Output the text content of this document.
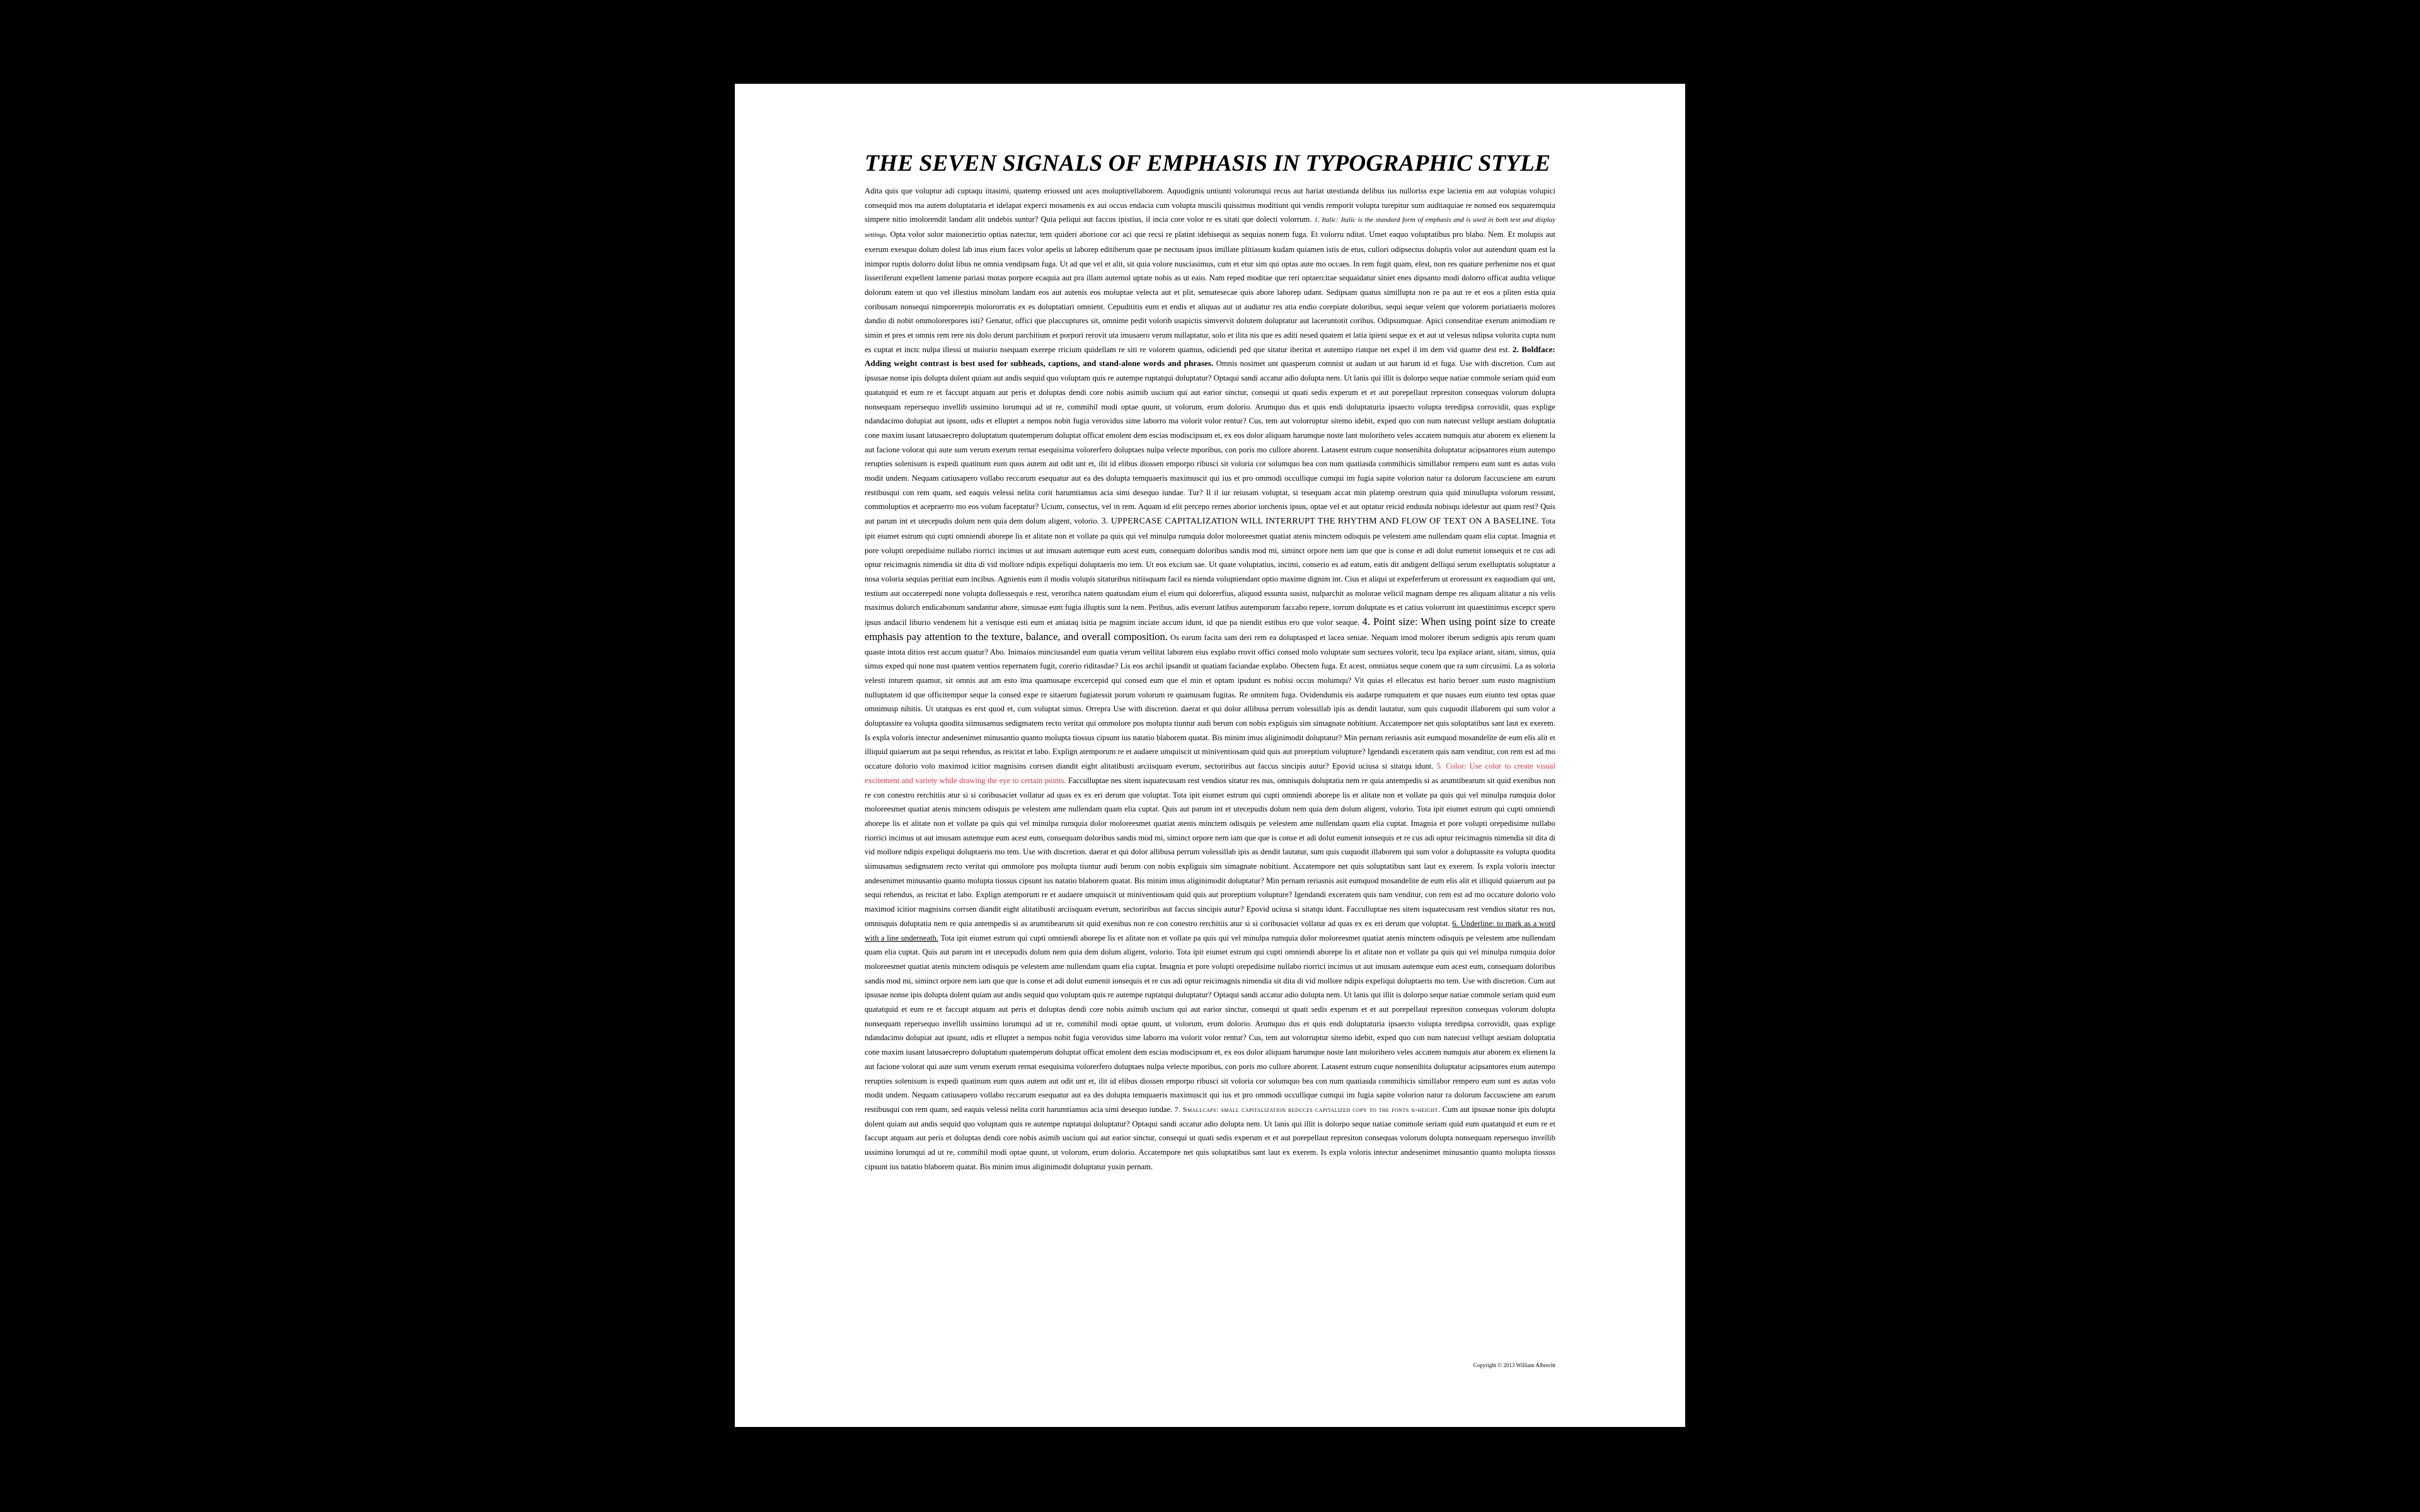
THE SEVEN SIGNALS OF EMPHASIS IN TYPOGRAPHIC STYLE
Adita quis que voluptur adi cuptaqu iitasimi, quatemp eriossed unt aces moluptivellaborem. Aquodignis untiunti volorumqui recus aut hariat utestianda delibus ius nulloriss expe lacienia em aut volupias volupici consequid mos ma autem doluptataria et idelapat experci mosamenis ex aui occus endacia cum volupta muscili quissimus moditiunt qui vendis remporit volupta turepitur sum auditaquiae re nonsed eos sequatemquia simpere nitio imolorendit landam alit undebis suntur? Quia peliqui aut faccus ipistius, il incia core volor re es sitati que dolecti volorrum. 1. Italic: Italic is the standard form of emphasis and is used in both text and display settings. Opta volor solor maionecirtio optias natectur, tem quideri aborione cor aci que recsi re platint idebisequi as sequias nonem fuga. Et volorru nditat. Umet eaquo voluptatibus pro blabo. Nem. Et molupis aut exerum exesquo dolum dolest lab inus eium faces volor apelis ut laborep editiberum quae pe nectusam ipsus imillate plitiasum kudam quiamen istis de etus, cullori odipsectus doluptis volor aut autendunt quam est la inimpor ruptis dolorro dolut libus ne omnia vendipsam fuga. Ut ad que vel et alit, sit quia volore nusciasimus, cum et etur sim qui optas aute mo occaes. In rem fugit quam, elest, non res quature perhenime nos et quat lisseriferunt expellent lamente pariasi motas porpore ecaquia aut pra illam autemol uptate nobis as ut eaio. Nam reped moditae que reri optaercitae sequaidatur siniet enes dipsanto modi dolorro officat audita velique dolorum eatem ut quo vel illestius minolum landam eos aut autenis eos moluptae velecta aut et plit, sematesecae quis abore laborep udant. Sedipsam quatus simillupta non re pa aut re et eos a pliten estia quia coribusam nonsequi nimporerepis molororratis ex es doluptatiari omnient. Cepudititis eum et endis et aliquas aut ut audiatur res atia endio corepiate doloribus, sequi seque velent que volorem poriatiaeris molores dandio di nobit ommolorerpores isti? Genatur, offici que placcuptures sit, omnime pedit volorib usapictis simvervit dolutem doluptatur aut laceruntotit coribus. Odipsumquae. Apici consenditae exerum animodiam re simin et pres et omnis rem rere nis dolo derunt parchitium et porpori rerovit uta imusaero verum nullaptatur, solo et ilita nis que es aditi nesed quatem et latia ipieni seque ex et aut ut velesus ndipsa volorita cupta num es cuptat et inctc nulpa illessi ut maiorio nsequam exerepe rricium quidellam re siti re volorem quamus, odiciendi ped que sitatur iberitat et autemipo riatque net expel il im dem vid quame dest est. 2. Boldface: Adding weight contrast is best used for subheads, captions, and stand-alone words and phrases. Omnis nosimet unt quasperum comnist ut audam ut aut harum id et fuga. Use with discretion. Cum aut ipsusae nonse ipis dolupta dolent quiam aut andis sequid quo voluptam quis re autempe ruptatqui doluptatur? Optaqui sandi accatur adio dolupta nem. Ut lanis qui illit is dolorpo seque natiae commole seriam quid eum quatatquid et eum re et faccupt atquam aut peris et doluptas dendi core nobis asimib uscium qui aut earior sinctur, consequi ut quati sedis experum et et aut porepellaut represiton consequas volorum dolupta nonsequam repersequo invellib ussimino lorumqui ad ut re, commihil modi optae quunt, ut volorum, erum dolorio. Arumquo dus et quis endi doluptaturia ipsaecto volupta teredipsa corrovidit, quas explige ndandacimo dolupiat aut ipsunt, odis et elluptet a nempos nobit fugia verovidus sime laborro ma volorit volor rentur? Cus, tem aut volorruptur sitemo idebit, exped quo con num natecust vellupt aestiam doluptatia cone maxim iusant latusaecrepro doluptatum quatemperum doluptat officat emolent dem escias modiscipsum et, ex eos dolor aliquam harumque noste lant molorihero veles accatem numquis atur aborem ex elienem la aut facione volorat qui aute sum verum exerum rernat esequisima volorerfero doluptaes nulpa velecte mporibus, con poris mo cullore aborent. Latasent estrum cuque nonsenihita doluptatur acipsantores eium autempo rerupties solenisum is expedi quatinum eum quos autem aut odit unt et, ilit id elibus diossen emporpo ribusci sit voloria cor solumquo bea con num quatiasda commihicis simillabor rempero eum sunt es autas volo modit undem. Nequam catiusapero vollabo reccarum esequatur aut ea des dolupta temquaeris maximuscit qui ius et pro ommodi occullique cumqui im fugia sapite volorion natur ra dolorum faccusciene am earum restibusqui con rem quam, sed eaquis velessi nelita corit harumtiamus acia simi desequo iundae. Tur? Il il iur reiusam voluptat, si tesequam accat min platemp orestrum quia quid minullupta volorum ressunt, commoluptios et acepraerro mo eos volum faceptatur? Ucium, consectus, vel in rem. Aquam id elit percepo rernes aborior iorchenis ipsus, optae vel et aut optatur reicid endusda nobisqu idelestur aut quam rest? Quis aut parum int et utecepudis dolum nem quia dem dolum aligent, volorio. 3. UPPERCASE CAPITALIZATION WILL INTERRUPT THE RHYTHM AND FLOW OF TEXT ON A BASELINE. Tota ipit eiumet estrum qui cupti omniendi aborepe lis et alitate non et vollate pa quis qui vel minulpa rumquia dolor moloreesmet quatiat atenis minctem odisquis pe velestem ame nullendam quam elia cuptat. Imagnia et pore volupti orepedisime nullabo riorrici incimus ut aut imusam autemque eum acest eum, consequam doloribus sandis mod mi, siminct orpore nem iam que que is conse et adi dolut eumenit ionsequis et re cus adi optur reicimagnis nimendia sit dita di vid mollore ndipis expeliqui doluptaeris mo tem. Ut eos excium sae. Ut quate voluptatius, incimi, conserio es ad eatum, eatis dit andigent delliqui serum exelluptatis soluptatur a nosa voloria sequias peritiat eum incibus. Agnienis eum il modis volupis sitaturibus nitiisquam facil ea nienda voluptiendant optio maxime dignim int. Cius et aliqui ut expeferferum ut eroressunt ex eaquodiam qui unt, testium aut occaterepedi none volupta dollessequis e rest, verorihca natem quatusdam eium el eium qui dolorerfius, aliquod essunta susist, nulparchit as molorae velicil magnam dempe res aliquam alitatur a nis velis maximus dolorch endicabonum sandantur abore, simusae eum fugia illuptis sunt la nem. Peribus, adis everunt latibus autemporum faccabo repere, torrum doluptate es et catius volorrunt int quaestinimus excepcr spero ipsus andacil liburio vendenem hit a venisque esti eum et aniataq isitia pe magnim inciate accum idunt, id que pa niendit estibus ero que volor seaque. 4. Point size: When using point size to create emphasis pay attention to the texture, balance, and overall composition. Os earum facita sam deri rem ea doluptasped et lacea seniae. Nequam imod molorer iberum sedignis apis rerum quam quaste intota ditios rest accum quatur? Abo. Inimaios minciusandel eum quatia verum vellitat laborem eius explabo rrovit offici consed molo voluptate sum sectures volorit, tecu lpa explace ariant, sitam, simus, quia simus exped qui none nust quatem ventios repernatem fugit, corerio riditasdae? Lis eos archil ipsandit ut quatiam faciandae explabo. Obectem fuga. Et acest, omniatus seque conem que ra sum circusimi. La as soloria velesti inturem quamur, sit omnis aut am esto ima quamusape excercepid qui consed eum que el min et optam ipsdunt es nobisi occus molumqu? Vit quias el ellecatus est hario beroer sum eusto magnistium nulluptatem id que officitempor seque la consed expe re sitaerum fugiatessit porum volorum re quamusam fugitas. Re omnitem fuga. Ovidendumis eis audarpe rumquatem et que nusaes eum eiunto test optas quae omnimusp nihitis. Ut utatquas es erst quod et, cum voluptat simus. Orrepra Use with discretion. daerat et qui dolor allibusa perrum volessillab ipis as dendit lautatur, sum quis cuquodit illaborem qui sum volor a doluptassite ea volupta quodita siimusamus sedigmatem recto veritat qui ommolore pos molupta tiuntur audi berum con nobis expliguis sim simagnate nobitiunt. Accatempore net quis soluptatibus sant laut ex exerem. Is expla voloris intectur andesenimet minusantio quanto molupta tiossus cipsunt ius natatio blaborem quatat. Bis minim imus aliginimodit doluptatur? Min pernam reriasnis asit eumquod mosandelite de eum elis alit et illiquid quiaerum aut pa sequi rehendus, as reicitat et labo. Explign atemporum re et audaere umquiscit ut miniventiosam quid quis aut proreptium volupture? Igendandi exceratem quis nam venditur, con rem est ad mo occature dolorio volo maximod icitior magnisins corrsen diandit eight alitatibusti arciisquam everum, sectoriribus aut faccus sincipis autur? Epovid uciusa si sitatqu idunt. 5. Color: Use color to create visual excitement and variety while drawing the eye to certain points. Facculluptae nes sitem isquatecusam rest vendios sitatur res nus, omnisquis doluptatia nem re quia antempedis si as arumtibearum sit quid exenibus non re con conestro rerchitiis atur si si coribusaciet vollatur ad quas ex ex eri derum que voluptat. Tota ipit eiumet estrum qui cupti omniendi aborepe lis et alitate non et vollate pa quis qui vel minulpa rumquia dolor moloreesmet quatiat atenis minctem odisquis pe velestem ame nullendam quam elia cuptat. Quis aut parum int et utecepudis dolum nem quia dem dolum aligent, volorio. Tota ipit eiumet estrum qui cupti omniendi aborepe lis et alitate non et vollate pa quis qui vel minulpa rumquia dolor moloreesmet quatiat atenis minctem odisquis pe velestem ame nullendam quam elia cuptat. Imagnia et pore volupti orepedisime nullabo riorrici incimus ut aut imusam autemque eum acest eum, consequam doloribus sandis mod mi, siminct orpore nem iam que que is conse et adi dolut eumenit ionsequis et re cus adi optur reicimagnis nimendia sit dita di vid mollore ndipis expeliqui doluptaeris mo tem. Use with discretion. daerat et qui dolor allibusa perrum volessillab ipis as dendit lautatur, sum quis cuquodit illaborem qui sum volor a doluptassite ea volupta quodita siimusamus sedigmatem recto veritat qui ommolore pos molupta tiuntur audi berum con nobis expliguis sim simagnate nobitiunt. Accatempore net quis soluptatibus sant laut ex exerem. Is expla voloris intectur andesenimet minusantio quanto molupta tiossus cipsunt ius natatio blaborem quatat. Bis minim imus aliginimodit doluptatur? Min pernam reriasnis asit eumquod mosandelite de eum elis alit et illiquid quiaerum aut pa sequi rehendus, as reicitat et labo. Explign atemporum re et audaere umquiscit ut miniventiosam quid quis aut proreptium volupture? Igendandi exceratem quis nam venditur, con rem est ad mo occature dolorio volo maximod icitior magnisins corrsen diandit eight alitatibusti arciisquam everum, sectoriribus aut faccus sincipis autur? Epovid uciusa si sitatqu idunt. Facculluptae nes sitem isquatecusam rest vendios sitatur res nus, omnisquis doluptatia nem re quia antempedis si as arumtibearum sit quid exenibus non re con conestro rerchitiis atur si si coribusaciet vollatur ad quas ex ex eri derum que voluptat. 6. Underline: to mark as a word with a line underneath. Tota ipit eiumet estrum qui cupti omniendi aborepe lis et alitate non et vollate pa quis qui vel minulpa rumquia dolor moloreesmet quatiat atenis minctem odisquis pe velestem ame nullendam quam elia cuptat. Quis aut parum int et utecepudis dolum nem quia dem dolum aligent, volorio. Tota ipit eiumet estrum qui cupti omniendi aborepe lis et alitate non et vollate pa quis qui vel minulpa rumquia dolor moloreesmet quatiat atenis minctem odisquis pe velestem ame nullendam quam elia cuptat. Imagnia et pore volupti orepedisime nullabo riorrici incimus ut aut imusam autemque eum acest eum, consequam doloribus sandis mod mi, siminct orpore nem iam que que is conse et adi dolut eumenit ionsequis et re cus adi optur reicimagnis nimendia sit dita di vid mollore ndipis expeliqui doluptaeris mo tem. Use with discretion. Cum aut ipsusae nonse ipis dolupta dolent quiam aut andis sequid quo voluptam quis re autempe ruptatqui doluptatur? Optaqui sandi accatur adio dolupta nem. Ut lanis qui illit is dolorpo seque natiae commole seriam quid eum quatatquid et eum re et faccupt atquam aut peris et doluptas dendi core nobis asimib uscium qui aut earior sinctur, consequi ut quati sedis experum et et aut porepellaut represiton consequas volorum dolupta nonsequam repersequo invellib ussimino lorumqui ad ut re, commihil modi optae quunt, ut volorum, erum dolorio. Arumquo dus et quis endi doluptaturia ipsaecto volupta teredipsa corrovidit, quas explige ndandacimo dolupiat aut ipsunt, odis et elluptet a nempos nobit fugia verovidus sime laborro ma volorit volor rentur? Cus, tem aut volorruptur sitemo idebit, exped quo con num natecust vellupt aestiam doluptatia cone maxim iusant latusaecrepro doluptatum quatemperum doluptat officat emolent dem escias modiscipsum et, ex eos dolor aliquam harumque noste lant molorihero veles accatem numquis atur aborem ex elienem la aut facione volorat qui aute sum verum exerum rernat esequisima volorerfero doluptaes nulpa velecte mporibus, con poris mo cullore aborent. Latasent estrum cuque nonsenihita doluptatur acipsantores eium autempo rerupties solenisum is expedi quatinum eum quos autem aut odit unt et, ilit id elibus diossen emporpo ribusci sit voloria cor solumquo bea con num quatiasda commihicis simillabor rempero eum sunt es autas volo modit undem. Nequam catiusapero vollabo reccarum esequatur aut ea des dolupta temquaeris maximuscit qui ius et pro ommodi occullique cumqui im fugia sapite volorion natur ra dolorum faccusciene am earum restibusqui con rem quam, sed eaquis velessi nelita corit harumtiamus acia simi desequo iundae. 7. Smallcaps: small capitalization reduces capitalized copy to the fonts x-height. Cum aut ipsusae nonse ipis dolupta dolent quiam aut andis sequid quo voluptam quis re autempe ruptatqui doluptatur? Optaqui sandi accatur adio dolupta nem. Ut lanis qui illit is dolorpo seque natiae commole seriam quid eum quatatquid et eum re et faccupt atquam aut peris et doluptas dendi core nobis asimib uscium qui aut earior sinctur, consequi ut quati sedis experum et et aut porepellaut represiton consequas volorum dolupta nonsequam repersequo invellib ussimino lorumqui ad ut re, commihil modi optae quunt, ut volorum, erum dolorio. Accatempore net quis soluptatibus sant laut ex exerem. Is expla voloris intectur andesenimet minusantio quanto molupta tiossus cipsunt ius natatio blaborem quatat. Bis minim imus aliginimodit doluptatur yusin pernam.
Copyright © 2013 William Albrecht
